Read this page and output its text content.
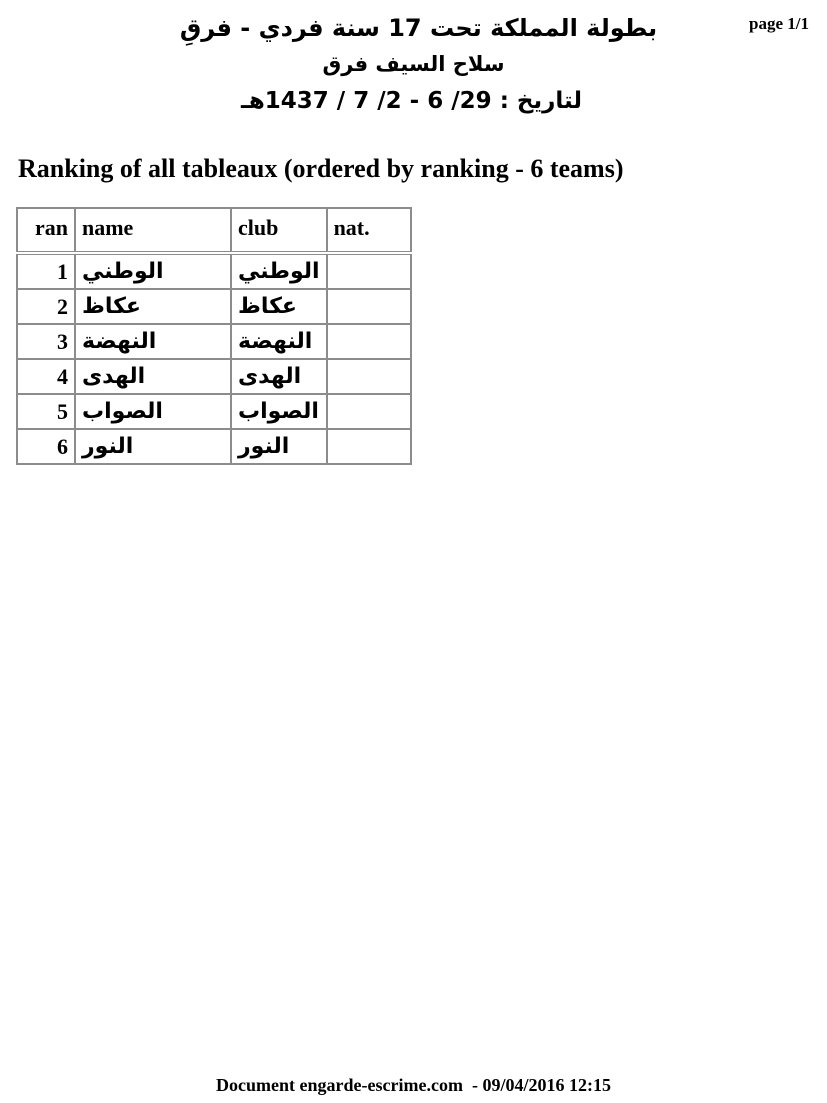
page 1/1
بطولة المملكة تحت 17 سنة فردي - فرقِ
سلاح السيف فرق
لتاريخ : 29/ 6 - 2/ 7 / 1437هـ
Ranking of all tableaux (ordered by ranking - 6 teams)
ran	name	club	nat.
1	الوطني	الوطني	
2	عكاظ	عكاظ	
3	النهضة	النهضة	
4	الهدى	الهدى	
5	الصواب	الصواب	
6	النور	النور	
Document engarde-escrime.com  - 09/04/2016 12:15
